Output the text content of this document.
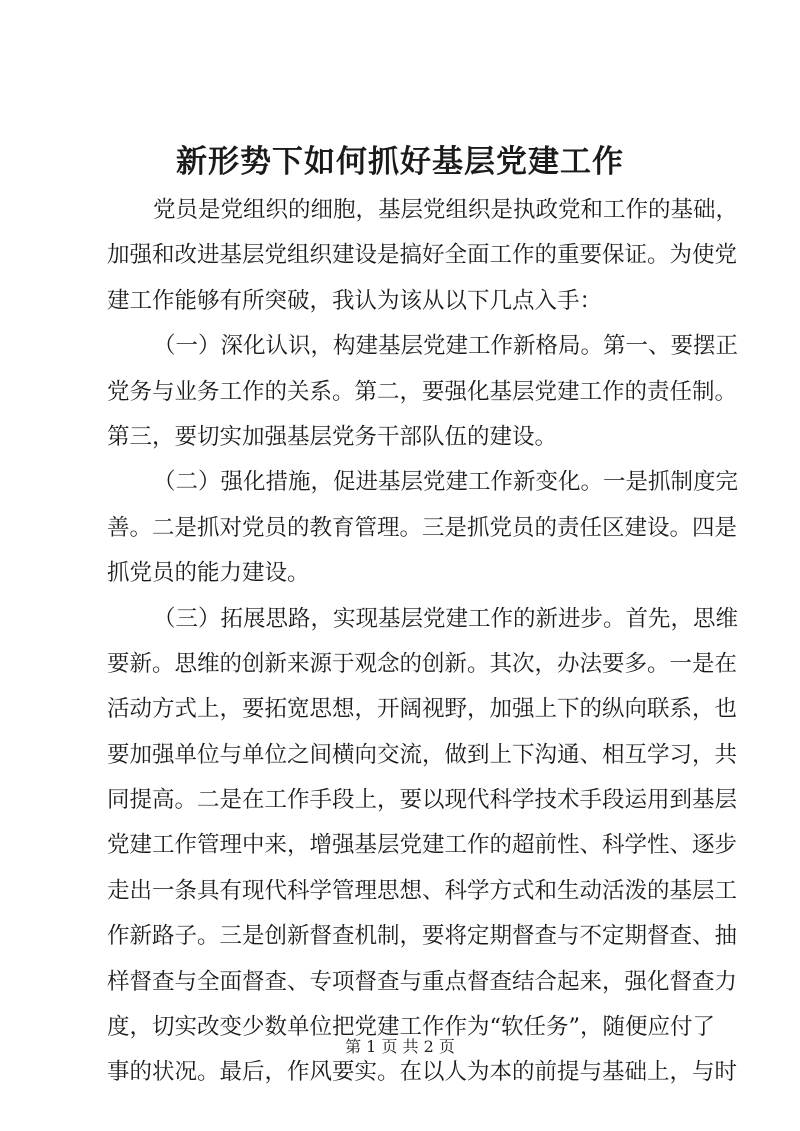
新形势下如何抓好基层党建工作
党员是党组织的细胞，基层党组织是执政党和工作的基础，
加强和改进基层党组织建设是搞好全面工作的重要保证。为使党
建工作能够有所突破，我认为该从以下几点入手：
（一）深化认识，构建基层党建工作新格局。第一、要摆正
党务与业务工作的关系。第二，要强化基层党建工作的责任制。
第三，要切实加强基层党务干部队伍的建设。
（二）强化措施，促进基层党建工作新变化。一是抓制度完
善。二是抓对党员的教育管理。三是抓党员的责任区建设。四是
抓党员的能力建设。
（三）拓展思路，实现基层党建工作的新进步。首先，思维
要新。思维的创新来源于观念的创新。其次，办法要多。一是在
活动方式上，要拓宽思想，开阔视野，加强上下的纵向联系，也
要加强单位与单位之间横向交流，做到上下沟通、相互学习，共
同提高。二是在工作手段上，要以现代科学技术手段运用到基层
党建工作管理中来，增强基层党建工作的超前性、科学性、逐步
走出一条具有现代科学管理思想、科学方式和生动活泼的基层工
作新路子。三是创新督查机制，要将定期督查与不定期督查、抽
样督查与全面督查、专项督查与重点督查结合起来，强化督查力
度，切实改变少数单位把党建工作作为“软任务”，随便应付了
事的状况。最后，作风要实。在以人为本的前提与基础上，与时
第 1 页 共 2 页
